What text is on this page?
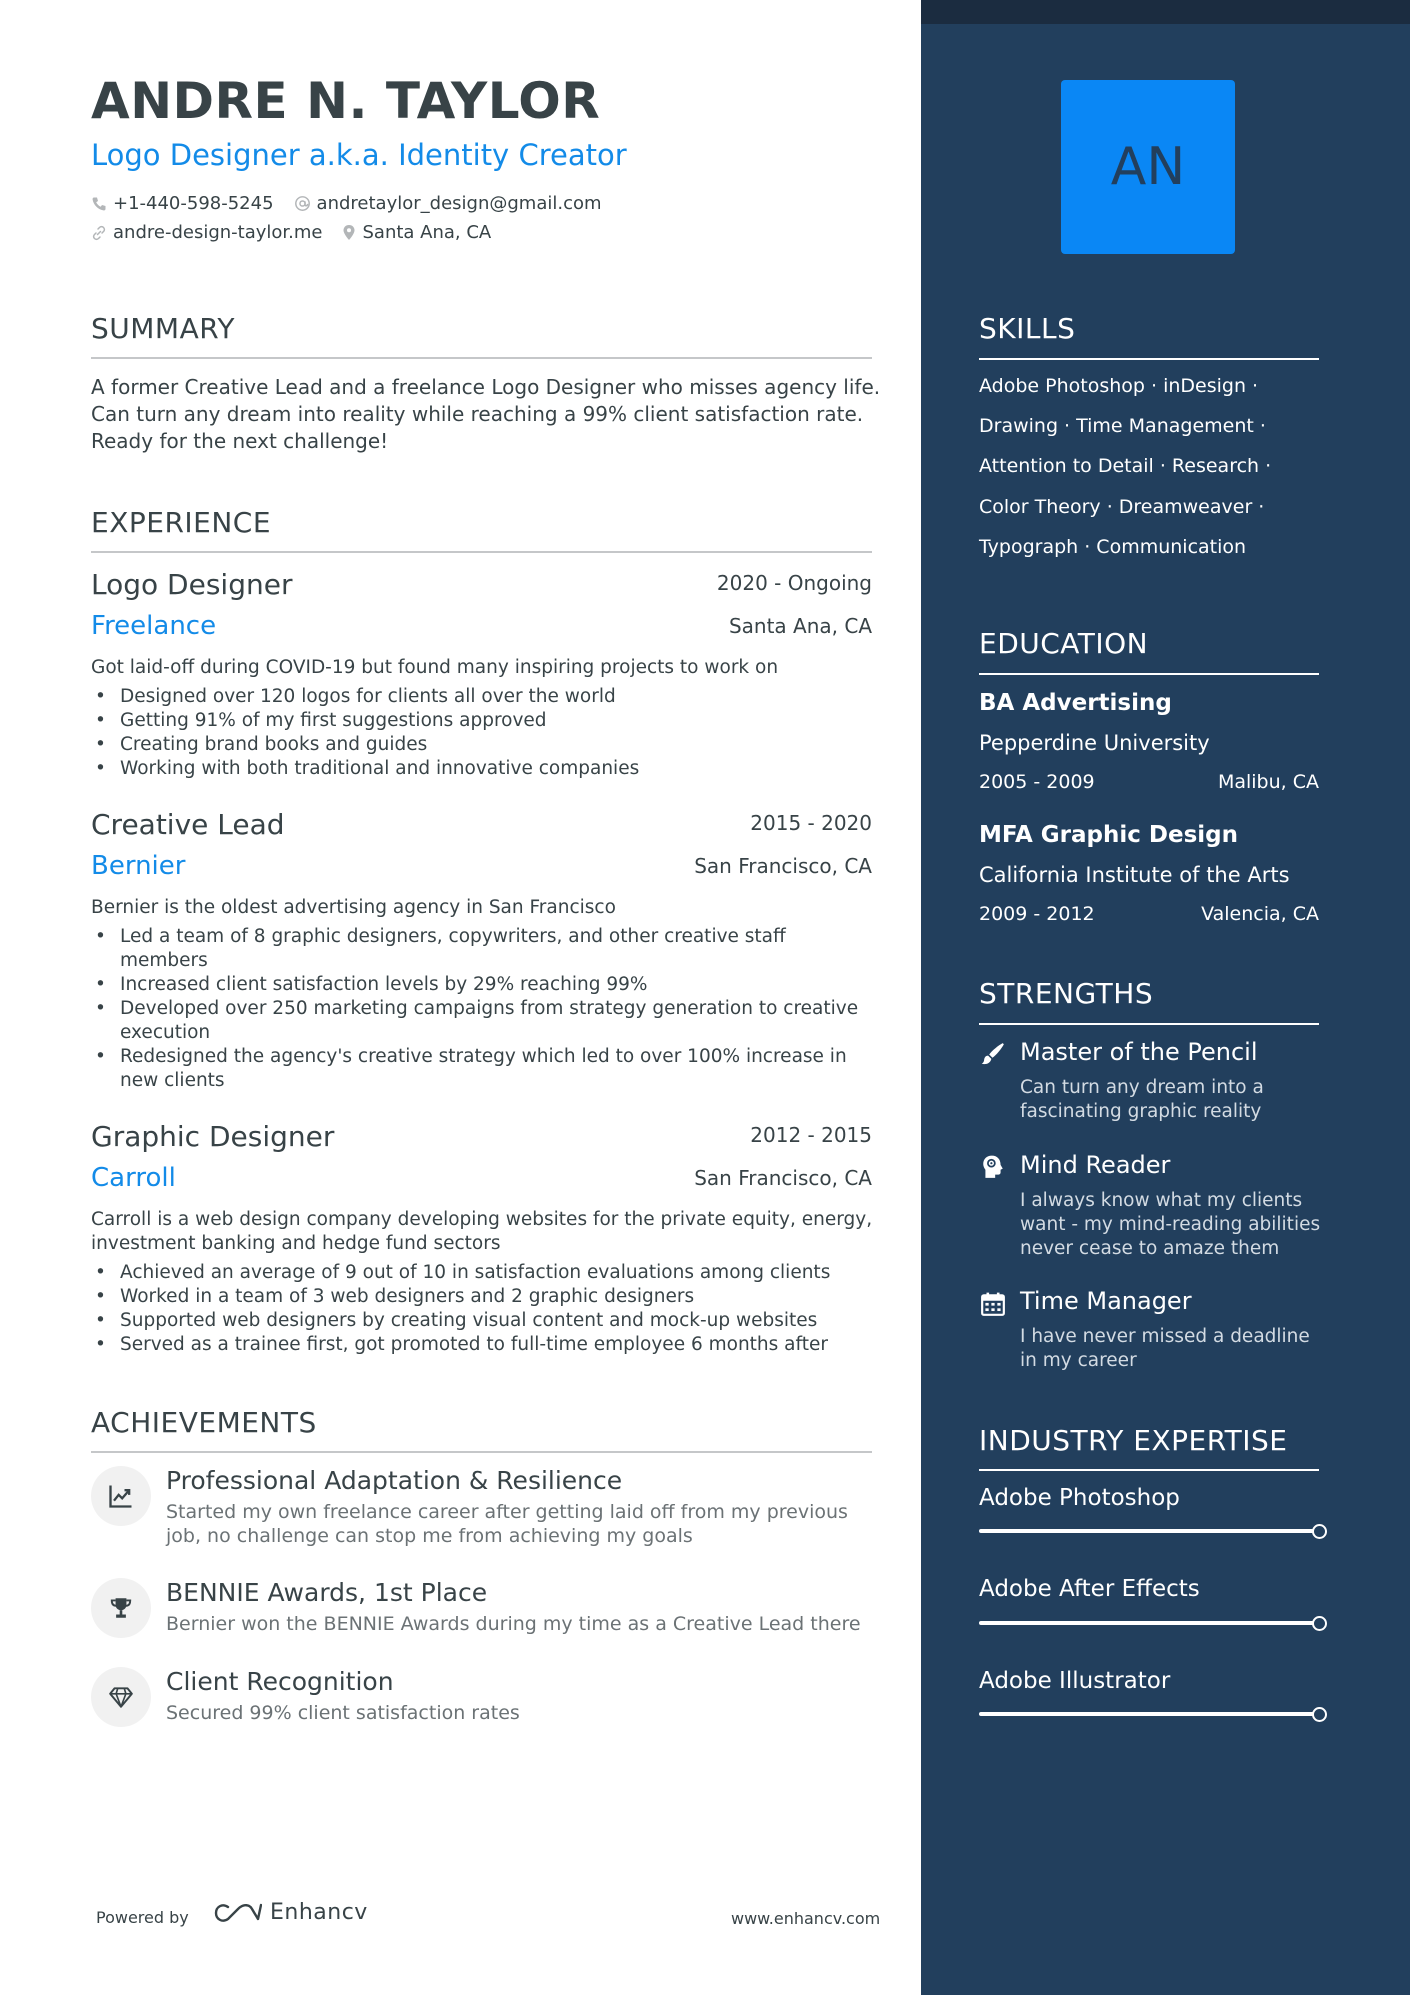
ANDRE N. TAYLOR
Logo Designer a.k.a. Identity Creator
+1-440-598-5245 andretaylor_design@gmail.com
andre-design-taylor.me Santa Ana, CA
SUMMARY
A former Creative Lead and a freelance Logo Designer who misses agency life. Can turn any dream into reality while reaching a 99% client satisfaction rate. Ready for the next challenge!
EXPERIENCE
Logo Designer	2020 - Ongoing
Freelance	Santa Ana, CA
Got laid-off during COVID-19 but found many inspiring projects to work on
• Designed over 120 logos for clients all over the world
• Getting 91% of my first suggestions approved
• Creating brand books and guides
• Working with both traditional and innovative companies
Creative Lead	2015 - 2020
Bernier	San Francisco, CA
Bernier is the oldest advertising agency in San Francisco
• Led a team of 8 graphic designers, copywriters, and other creative staff members
• Increased client satisfaction levels by 29% reaching 99%
• Developed over 250 marketing campaigns from strategy generation to creative execution
• Redesigned the agency's creative strategy which led to over 100% increase in new clients
Graphic Designer	2012 - 2015
Carroll	San Francisco, CA
Carroll is a web design company developing websites for the private equity, energy, investment banking and hedge fund sectors
• Achieved an average of 9 out of 10 in satisfaction evaluations among clients
• Worked in a team of 3 web designers and 2 graphic designers
• Supported web designers by creating visual content and mock-up websites
• Served as a trainee first, got promoted to full-time employee 6 months after
ACHIEVEMENTS
Professional Adaptation & Resilience
Started my own freelance career after getting laid off from my previous job, no challenge can stop me from achieving my goals
BENNIE Awards, 1st Place
Bernier won the BENNIE Awards during my time as a Creative Lead there
Client Recognition
Secured 99% client satisfaction rates
Powered by	Enhancv	www.enhancv.com
AN
SKILLS
Adobe Photoshop · inDesign ·
Drawing · Time Management ·
Attention to Detail · Research ·
Color Theory · Dreamweaver ·
Typograph · Communication
EDUCATION
BA Advertising
Pepperdine University
2005 - 2009	Malibu, CA
MFA Graphic Design
California Institute of the Arts
2009 - 2012	Valencia, CA
STRENGTHS
Master of the Pencil
Can turn any dream into a fascinating graphic reality
Mind Reader
I always know what my clients want - my mind-reading abilities never cease to amaze them
Time Manager
I have never missed a deadline in my career
INDUSTRY EXPERTISE
Adobe Photoshop
Adobe After Effects
Adobe Illustrator
